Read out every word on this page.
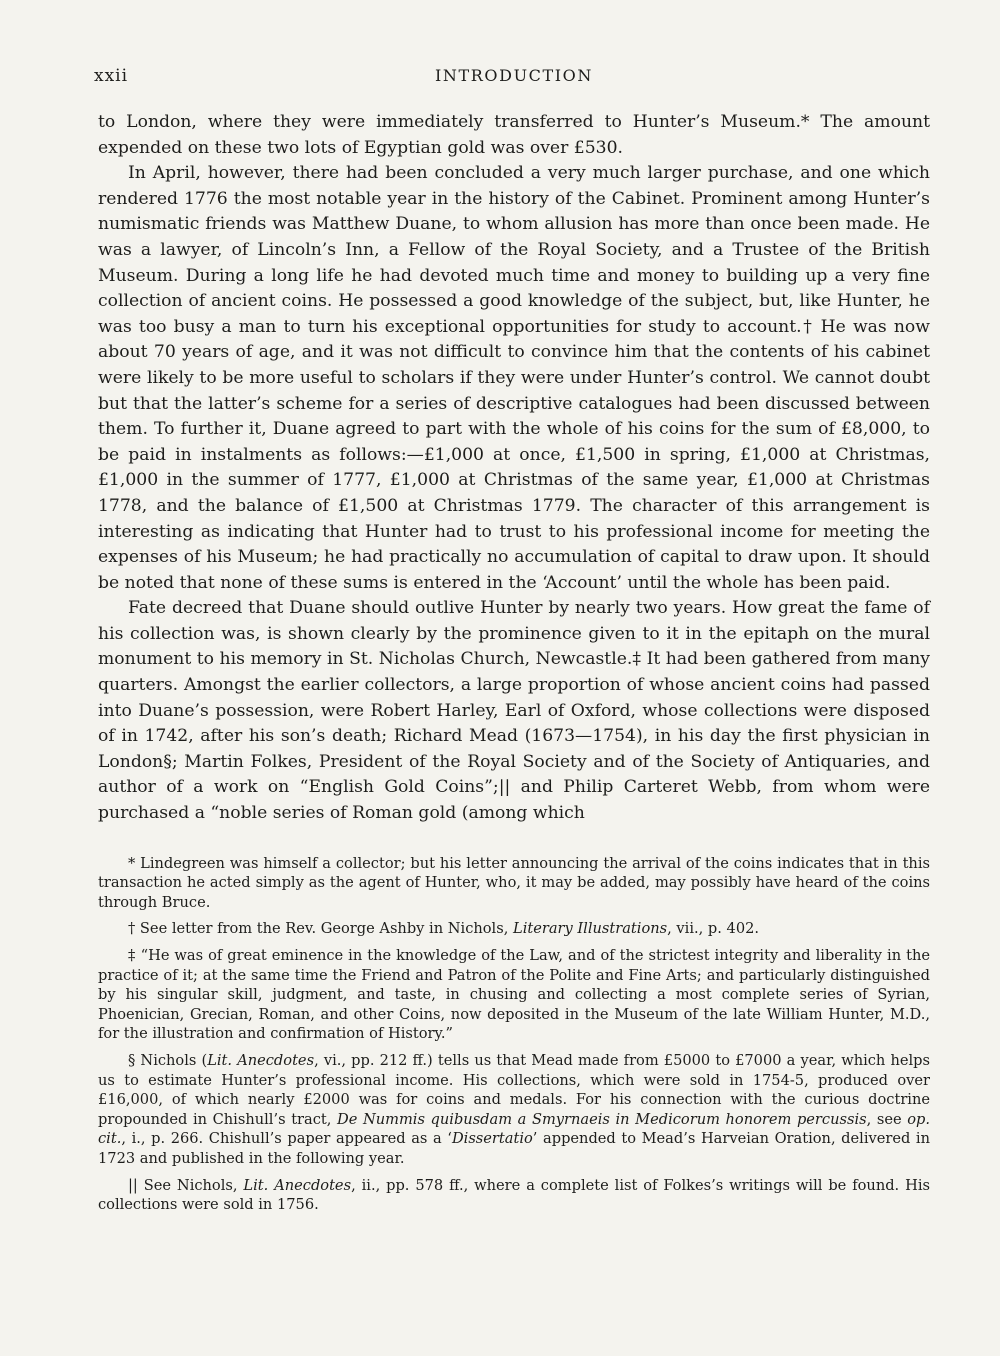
xxii	INTRODUCTION

to London, where they were immediately transferred to Hunter’s Museum.* The amount expended on these two lots of Egyptian gold was over £530.

In April, however, there had been concluded a very much larger purchase, and one which rendered 1776 the most notable year in the history of the Cabinet. Prominent among Hunter’s numismatic friends was Matthew Duane, to whom allusion has more than once been made. He was a lawyer, of Lincoln’s Inn, a Fellow of the Royal Society, and a Trustee of the British Museum. During a long life he had devoted much time and money to building up a very fine collection of ancient coins. He possessed a good knowledge of the subject, but, like Hunter, he was too busy a man to turn his exceptional opportunities for study to account.† He was now about 70 years of age, and it was not difficult to convince him that the contents of his cabinet were likely to be more useful to scholars if they were under Hunter’s control. We cannot doubt but that the latter’s scheme for a series of descriptive catalogues had been discussed between them. To further it, Duane agreed to part with the whole of his coins for the sum of £8,000, to be paid in instalments as follows:—£1,000 at once, £1,500 in spring, £1,000 at Christmas, £1,000 in the summer of 1777, £1,000 at Christmas of the same year, £1,000 at Christmas 1778, and the balance of £1,500 at Christmas 1779. The character of this arrangement is interesting as indicating that Hunter had to trust to his professional income for meeting the expenses of his Museum; he had practically no accumulation of capital to draw upon. It should be noted that none of these sums is entered in the ‘Account’ until the whole has been paid.

Fate decreed that Duane should outlive Hunter by nearly two years. How great the fame of his collection was, is shown clearly by the prominence given to it in the epitaph on the mural monument to his memory in St. Nicholas Church, Newcastle.‡ It had been gathered from many quarters. Amongst the earlier collectors, a large proportion of whose ancient coins had passed into Duane’s possession, were Robert Harley, Earl of Oxford, whose collections were disposed of in 1742, after his son’s death; Richard Mead (1673—1754), in his day the first physician in London§; Martin Folkes, President of the Royal Society and of the Society of Antiquaries, and author of a work on “English Gold Coins”;|| and Philip Carteret Webb, from whom were purchased a “noble series of Roman gold (among which

* Lindegreen was himself a collector; but his letter announcing the arrival of the coins indicates that in this transaction he acted simply as the agent of Hunter, who, it may be added, may possibly have heard of the coins through Bruce.

† See letter from the Rev. George Ashby in Nichols, Literary Illustrations, vii., p. 402.

‡ “He was of great eminence in the knowledge of the Law, and of the strictest integrity and liberality in the practice of it; at the same time the Friend and Patron of the Polite and Fine Arts; and particularly distinguished by his singular skill, judgment, and taste, in chusing and collecting a most complete series of Syrian, Phoenician, Grecian, Roman, and other Coins, now deposited in the Museum of the late William Hunter, M.D., for the illustration and confirmation of History.”

§ Nichols (Lit. Anecdotes, vi., pp. 212 ff.) tells us that Mead made from £5000 to £7000 a year, which helps us to estimate Hunter’s professional income. His collections, which were sold in 1754-5, produced over £16,000, of which nearly £2000 was for coins and medals. For his connection with the curious doctrine propounded in Chishull’s tract, De Nummis quibusdam a Smyrnaeis in Medicorum honorem percussis, see op. cit., i., p. 266. Chishull’s paper appeared as a ‘Dissertatio’ appended to Mead’s Harveian Oration, delivered in 1723 and published in the following year.

|| See Nichols, Lit. Anecdotes, ii., pp. 578 ff., where a complete list of Folkes’s writings will be found. His collections were sold in 1756.
